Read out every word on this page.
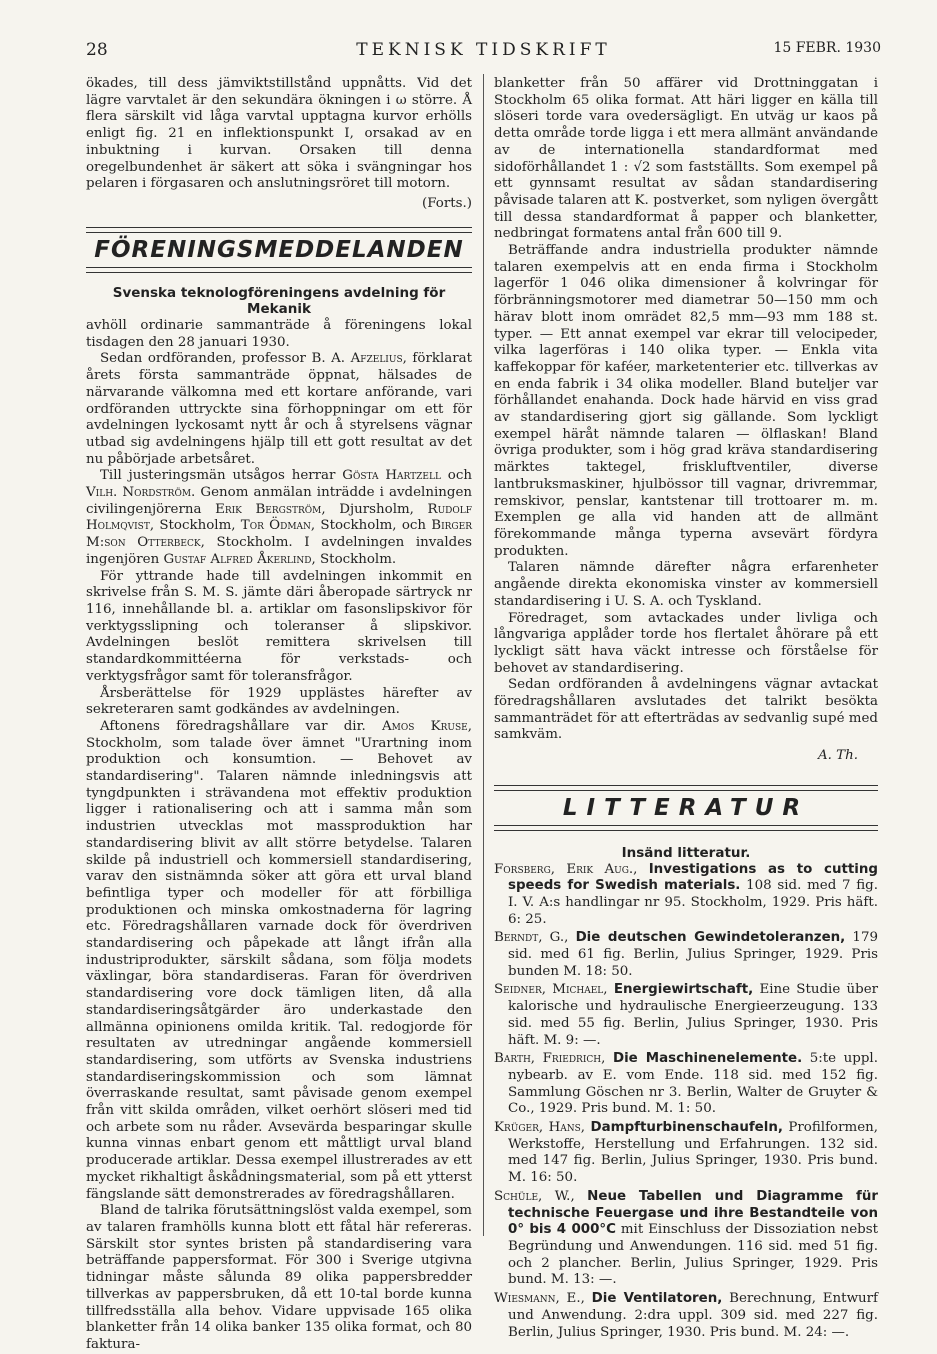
TEKNISK TIDSKRIFT
28	15 FEBR. 1930

ökades, till dess jämviktstillstånd uppnåtts. Vid det lägre varvtalet är den sekundära ökningen i ω större. Å flera särskilt vid låga varvtal upptagna kurvor erhölls enligt fig. 21 en inflektionspunkt I, orsakad av en inbuktning i kurvan. Orsaken till denna oregelbundenhet är säkert att söka i svängningar hos pelaren i förgasaren och anslutningsröret till motorn.

(Forts.)

FÖRENINGSMEDDELANDEN

Svenska teknologföreningens avdelning för Mekanik

avhöll ordinarie sammanträde å föreningens lokal tisdagen den 28 januari 1930.

Sedan ordföranden, professor B. A. Afzelius, förklarat årets första sammanträde öppnat, hälsades de närvarande välkomna med ett kortare anförande, vari ordföranden uttryckte sina förhoppningar om ett för avdelningen lyckosamt nytt år och å styrelsens vägnar utbad sig avdelningens hjälp till ett gott resultat av det nu påbörjade arbetsåret.

Till justeringsmän utsågos herrar Gösta Hartzell och Vilh. Nordström. Genom anmälan inträdde i avdelningen civilingenjörerna Erik Bergström, Djursholm, Rudolf Holmqvist, Stockholm, Tor Ödman, Stockholm, och Birger M:son Otterbeck, Stockholm. I avdelningen invaldes ingenjören Gustaf Alfred Åkerlind, Stockholm.

För yttrande hade till avdelningen inkommit en skrivelse från S. M. S. jämte däri åberopade särtryck nr 116, innehållande bl. a. artiklar om fasonslipskivor för verktygsslipning och toleranser å slipskivor. Avdelningen beslöt remittera skrivelsen till standardkommittéerna för verkstads- och verktygsfrågor samt för toleransfrågor.

Årsberättelse för 1929 upplästes härefter av sekreteraren samt godkändes av avdelningen.

Aftonens föredragshållare var dir. Amos Kruse, Stockholm, som talade över ämnet "Urartning inom produktion och konsumtion. — Behovet av standardisering". Talaren nämnde inledningsvis att tyngdpunkten i strävandena mot effektiv produktion ligger i rationalisering och att i samma mån som industrien utvecklas mot massproduktion har standardisering blivit av allt större betydelse. Talaren skilde på industriell och kommersiell standardisering, varav den sistnämnda söker att göra ett urval bland befintliga typer och modeller för att förbilliga produktionen och minska omkostnaderna för lagring etc. Föredragshållaren varnade dock för överdriven standardisering och påpekade att långt ifrån alla industriprodukter, särskilt sådana, som följa modets växlingar, böra standardiseras. Faran för överdriven standardisering vore dock tämligen liten, då alla standardiseringsåtgärder äro underkastade den allmänna opinionens omilda kritik. Tal. redogjorde för resultaten av utredningar angående kommersiell standardisering, som utförts av Svenska industriens standardiseringskommission och som lämnat överraskande resultat, samt påvisade genom exempel från vitt skilda områden, vilket oerhört slöseri med tid och arbete som nu råder. Avsevärda besparingar skulle kunna vinnas enbart genom ett måttligt urval bland producerade artiklar. Dessa exempel illustrerades av ett mycket rikhaltigt åskådningsmaterial, som på ett ytterst fängslande sätt demonstrerades av föredragshållaren.

Bland de talrika förutsättningslöst valda exempel, som av talaren framhölls kunna blott ett fåtal här refereras. Särskilt stor syntes bristen på standardisering vara beträffande pappersformat. För 300 i Sverige utgivna tidningar måste sålunda 89 olika pappersbredder tillverkas av pappersbruken, då ett 10-tal borde kunna tillfredsställa alla behov. Vidare uppvisade 165 olika blanketter från 14 olika banker 135 olika format, och 80 faktura-

blanketter från 50 affärer vid Drottninggatan i Stockholm 65 olika format. Att häri ligger en källa till slöseri torde vara ovedersägligt. En utväg ur kaos på detta område torde ligga i ett mera allmänt användande av de internationella standardformat med sidoförhållandet 1 : √2 som fastställts. Som exempel på ett gynnsamt resultat av sådan standardisering påvisade talaren att K. postverket, som nyligen övergått till dessa standardformat å papper och blanketter, nedbringat formatens antal från 600 till 9.

Beträffande andra industriella produkter nämnde talaren exempelvis att en enda firma i Stockholm lagerför 1 046 olika dimensioner å kolvringar för förbränningsmotorer med diametrar 50—150 mm och härav blott inom omrädet 82,5 mm—93 mm 188 st. typer. — Ett annat exempel var ekrar till velocipeder, vilka lagerföras i 140 olika typer. — Enkla vita kaffekoppar för kaféer, marketenterier etc. tillverkas av en enda fabrik i 34 olika modeller. Bland buteljer var förhållandet enahanda. Dock hade härvid en viss grad av standardisering gjort sig gällande. Som lyckligt exempel häråt nämnde talaren — ölflaskan! Bland övriga produkter, som i hög grad kräva standardisering märktes taktegel, friskluftventiler, diverse lantbruksmaskiner, hjulbössor till vagnar, drivremmar, remskivor, penslar, kantstenar till trottoarer m. m. Exemplen ge alla vid handen att de allmänt förekommande många typerna avsevärt fördyra produkten.

Talaren nämnde därefter några erfarenheter angående direkta ekonomiska vinster av kommersiell standardisering i U. S. A. och Tyskland.

Föredraget, som avtackades under livliga och långvariga applåder torde hos flertalet åhörare på ett lyckligt sätt hava väckt intresse och förståelse för behovet av standardisering.

Sedan ordföranden å avdelningens vägnar avtackat föredragshållaren avslutades det talrikt besökta sammanträdet för att efterträdas av sedvanlig supé med samkväm.

A. Th.

LITTERATUR

Insänd litteratur.

Forsberg, Erik Aug., Investigations as to cutting speeds for Swedish materials. 108 sid. med 7 fig. I. V. A:s handlingar nr 95. Stockholm, 1929. Pris häft. 6: 25.

Berndt, G., Die deutschen Gewindetoleranzen, 179 sid. med 61 fig. Berlin, Julius Springer, 1929. Pris bunden M. 18: 50.

Seidner, Michael, Energiewirtschaft, Eine Studie über kalorische und hydraulische Energieerzeugung. 133 sid. med 55 fig. Berlin, Julius Springer, 1930. Pris häft. M. 9: —.

Barth, Friedrich, Die Maschinenelemente. 5:te uppl. nybearb. av E. vom Ende. 118 sid. med 152 fig. Sammlung Göschen nr 3. Berlin, Walter de Gruyter & Co., 1929. Pris bund. M. 1: 50.

Krüger, Hans, Dampfturbinenschaufeln, Profilformen, Werkstoffe, Herstellung und Erfahrungen. 132 sid. med 147 fig. Berlin, Julius Springer, 1930. Pris bund. M. 16: 50.

Schüle, W., Neue Tabellen und Diagramme für technische Feuergase und ihre Bestandteile von 0° bis 4 000°C mit Einschluss der Dissoziation nebst Begründung und Anwendungen. 116 sid. med 51 fig. och 2 plancher. Berlin, Julius Springer, 1929. Pris bund. M. 13: —.

Wiesmann, E., Die Ventilatoren, Berechnung, Entwurf und Anwendung. 2:dra uppl. 309 sid. med 227 fig. Berlin, Julius Springer, 1930. Pris bund. M. 24: —.
